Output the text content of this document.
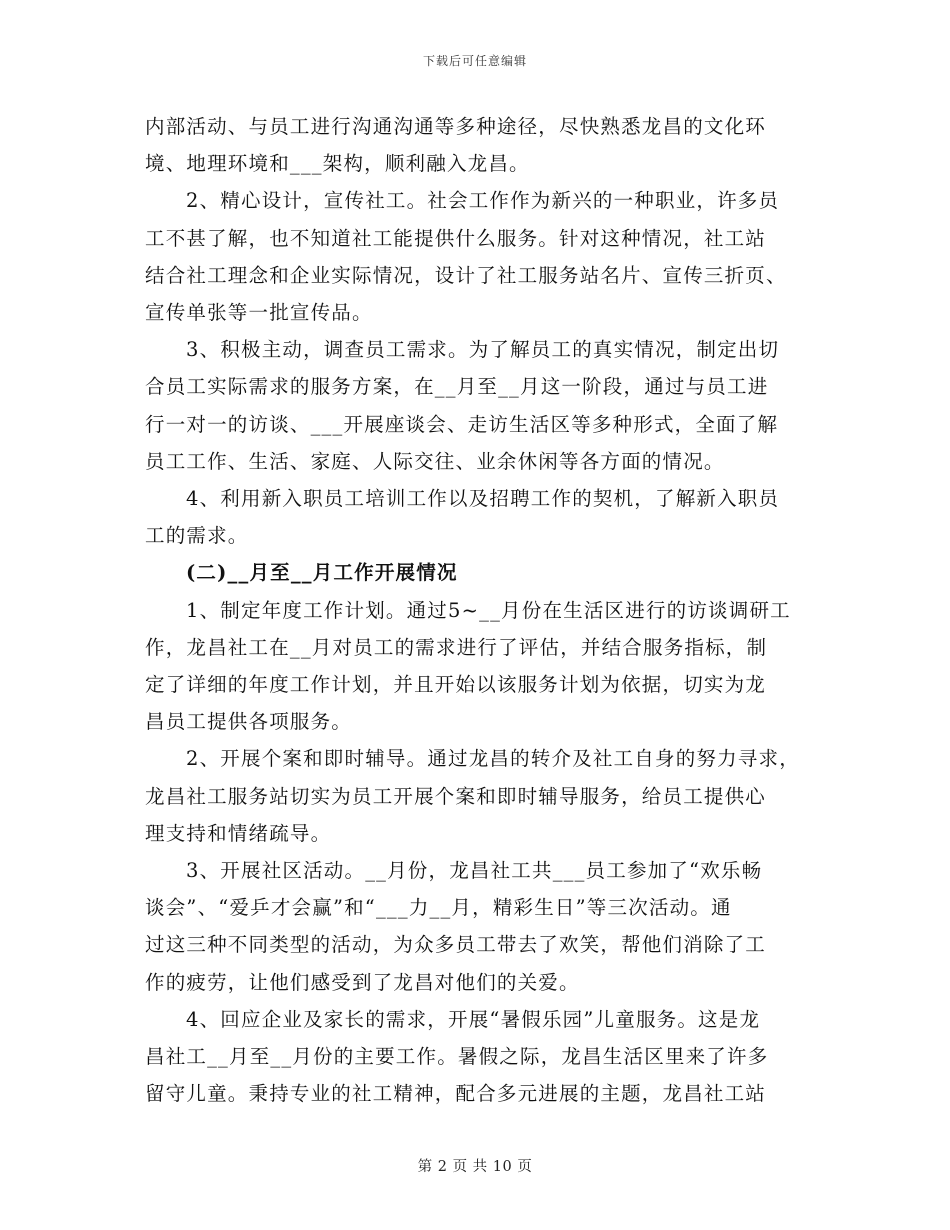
下载后可任意编辑

内部活动、与员工进行沟通沟通等多种途径，尽快熟悉龙昌的文化环
境、地理环境和___架构，顺利融入龙昌。

2、精心设计，宣传社工。社会工作作为新兴的一种职业，许多员
工不甚了解，也不知道社工能提供什么服务。针对这种情况，社工站
结合社工理念和企业实际情况，设计了社工服务站名片、宣传三折页、
宣传单张等一批宣传品。

3、积极主动，调查员工需求。为了解员工的真实情况，制定出切
合员工实际需求的服务方案，在__月至__月这一阶段，通过与员工进
行一对一的访谈、___开展座谈会、走访生活区等多种形式，全面了解
员工工作、生活、家庭、人际交往、业余休闲等各方面的情况。

4、利用新入职员工培训工作以及招聘工作的契机，了解新入职员
工的需求。

(二)__月至__月工作开展情况

1、制定年度工作计划。通过5~__月份在生活区进行的访谈调研工
作，龙昌社工在__月对员工的需求进行了评估，并结合服务指标，制
定了详细的年度工作计划，并且开始以该服务计划为依据，切实为龙
昌员工提供各项服务。

2、开展个案和即时辅导。通过龙昌的转介及社工自身的努力寻求，
龙昌社工服务站切实为员工开展个案和即时辅导服务，给员工提供心
理支持和情绪疏导。

3、开展社区活动。__月份，龙昌社工共___员工参加了“欢乐畅
谈会”、“爱乒才会赢”和“___力__月，精彩生日”等三次活动。通
过这三种不同类型的活动，为众多员工带去了欢笑，帮他们消除了工
作的疲劳，让他们感受到了龙昌对他们的关爱。

4、回应企业及家长的需求，开展“暑假乐园”儿童服务。这是龙
昌社工__月至__月份的主要工作。暑假之际，龙昌生活区里来了许多
留守儿童。秉持专业的社工精神，配合多元进展的主题，龙昌社工站

第 2 页 共 10 页
